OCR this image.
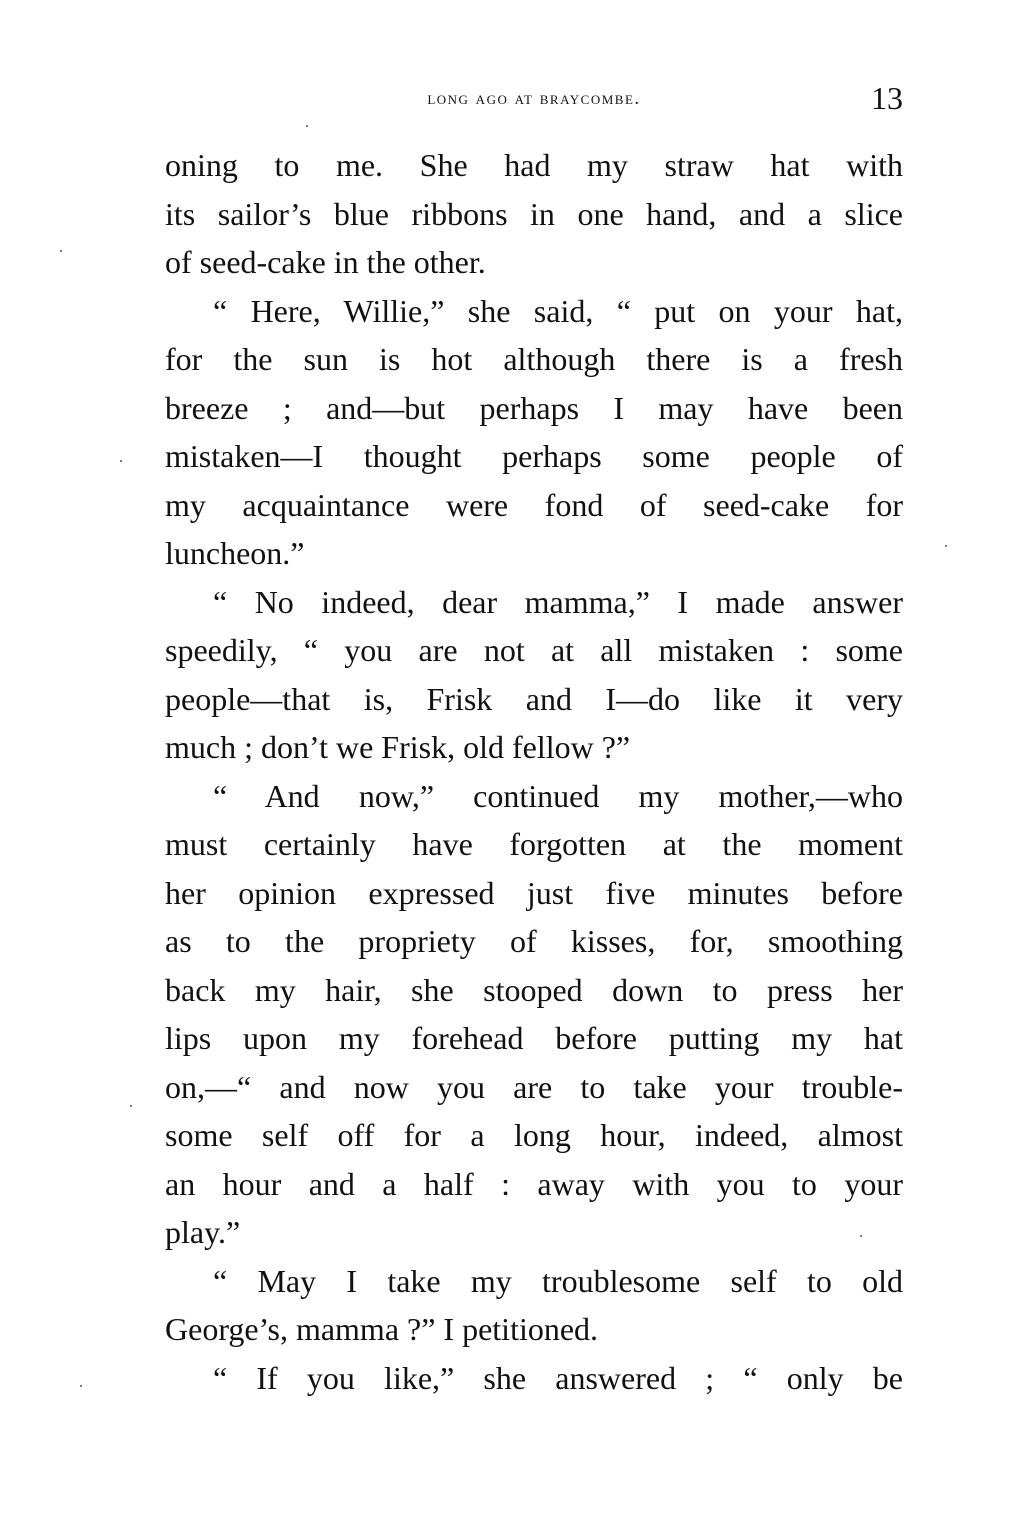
long ago at braycombe.	13
oning to me. She had my straw hat with
its sailor’s blue ribbons in one hand, and a slice
of seed-cake in the other.
“ Here, Willie,” she said, “ put on your hat,
for the sun is hot although there is a fresh
breeze ; and—but perhaps I may have been
mistaken—I thought perhaps some people of
my acquaintance were fond of seed-cake for
luncheon.”
“ No indeed, dear mamma,” I made answer
speedily, “ you are not at all mistaken : some
people—that is, Frisk and I—do like it very
much ; don’t we Frisk, old fellow ?”
“ And now,” continued my mother,—who
must certainly have forgotten at the moment
her opinion expressed just five minutes before
as to the propriety of kisses, for, smoothing
back my hair, she stooped down to press her
lips upon my forehead before putting my hat
on,—“ and now you are to take your trouble-
some self off for a long hour, indeed, almost
an hour and a half : away with you to your
play.”
“ May I take my troublesome self to old
George’s, mamma ?” I petitioned.
“ If you like,” she answered ; “ only be
